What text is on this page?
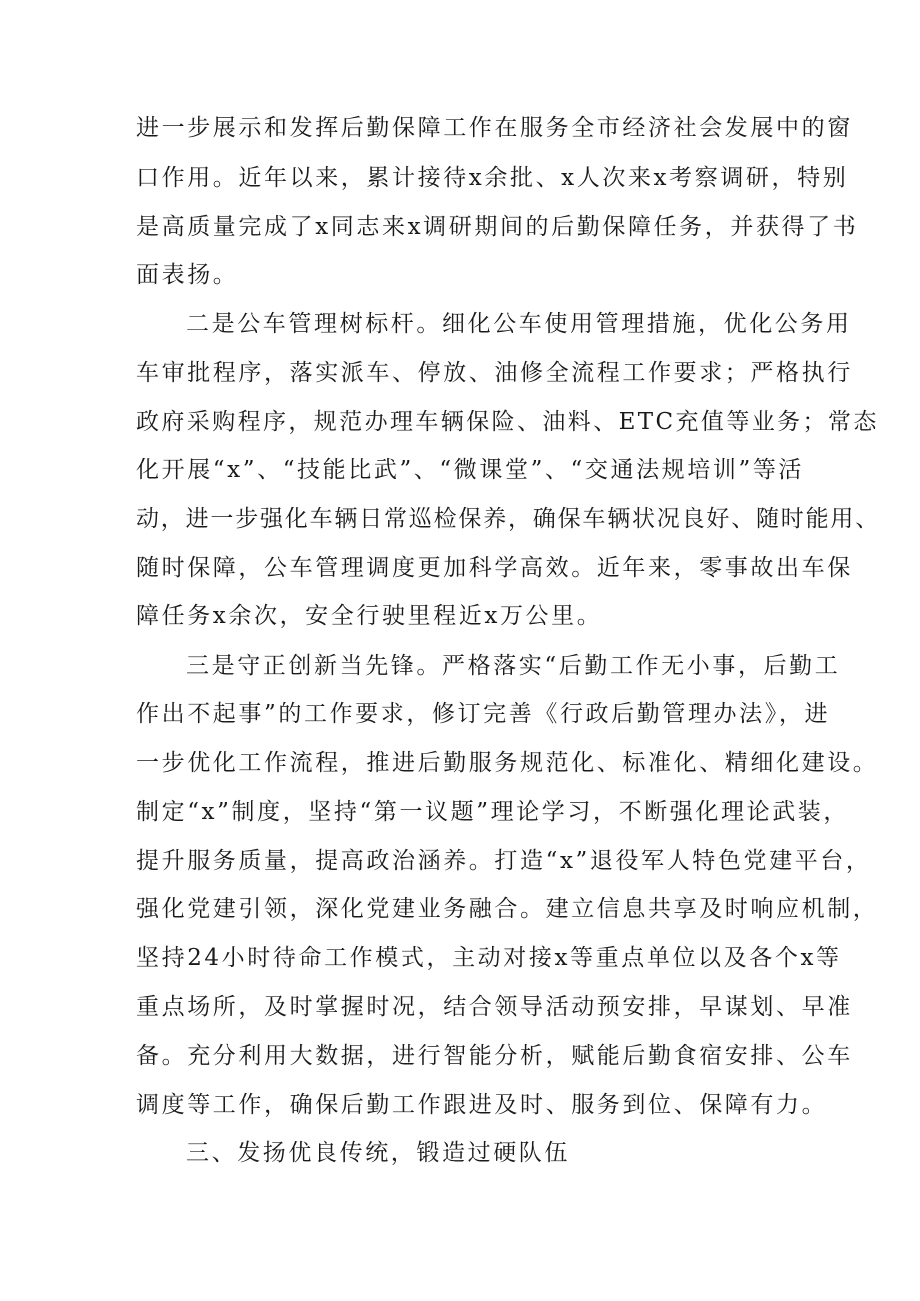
进一步展示和发挥后勤保障工作在服务全市经济社会发展中的窗

口作用。近年以来，累计接待x余批、x人次来x考察调研，特别

是高质量完成了x同志来x调研期间的后勤保障任务，并获得了书

面表扬。

二是公车管理树标杆。细化公车使用管理措施，优化公务用

车审批程序，落实派车、停放、油修全流程工作要求；严格执行

政府采购程序，规范办理车辆保险、油料、ETC充值等业务；常态

化开展“x”、“技能比武”、“微课堂”、“交通法规培训”等活

动，进一步强化车辆日常巡检保养，确保车辆状况良好、随时能用、

随时保障，公车管理调度更加科学高效。近年来，零事故出车保

障任务x余次，安全行驶里程近x万公里。

三是守正创新当先锋。严格落实“后勤工作无小事，后勤工

作出不起事”的工作要求，修订完善《行政后勤管理办法》，进

一步优化工作流程，推进后勤服务规范化、标准化、精细化建设。

制定“x”制度，坚持“第一议题”理论学习，不断强化理论武装，

提升服务质量，提高政治涵养。打造“x”退役军人特色党建平台，

强化党建引领，深化党建业务融合。建立信息共享及时响应机制，

坚持24小时待命工作模式，主动对接x等重点单位以及各个x等

重点场所，及时掌握时况，结合领导活动预安排，早谋划、早准

备。充分利用大数据，进行智能分析，赋能后勤食宿安排、公车

调度等工作，确保后勤工作跟进及时、服务到位、保障有力。

三、发扬优良传统，锻造过硬队伍
